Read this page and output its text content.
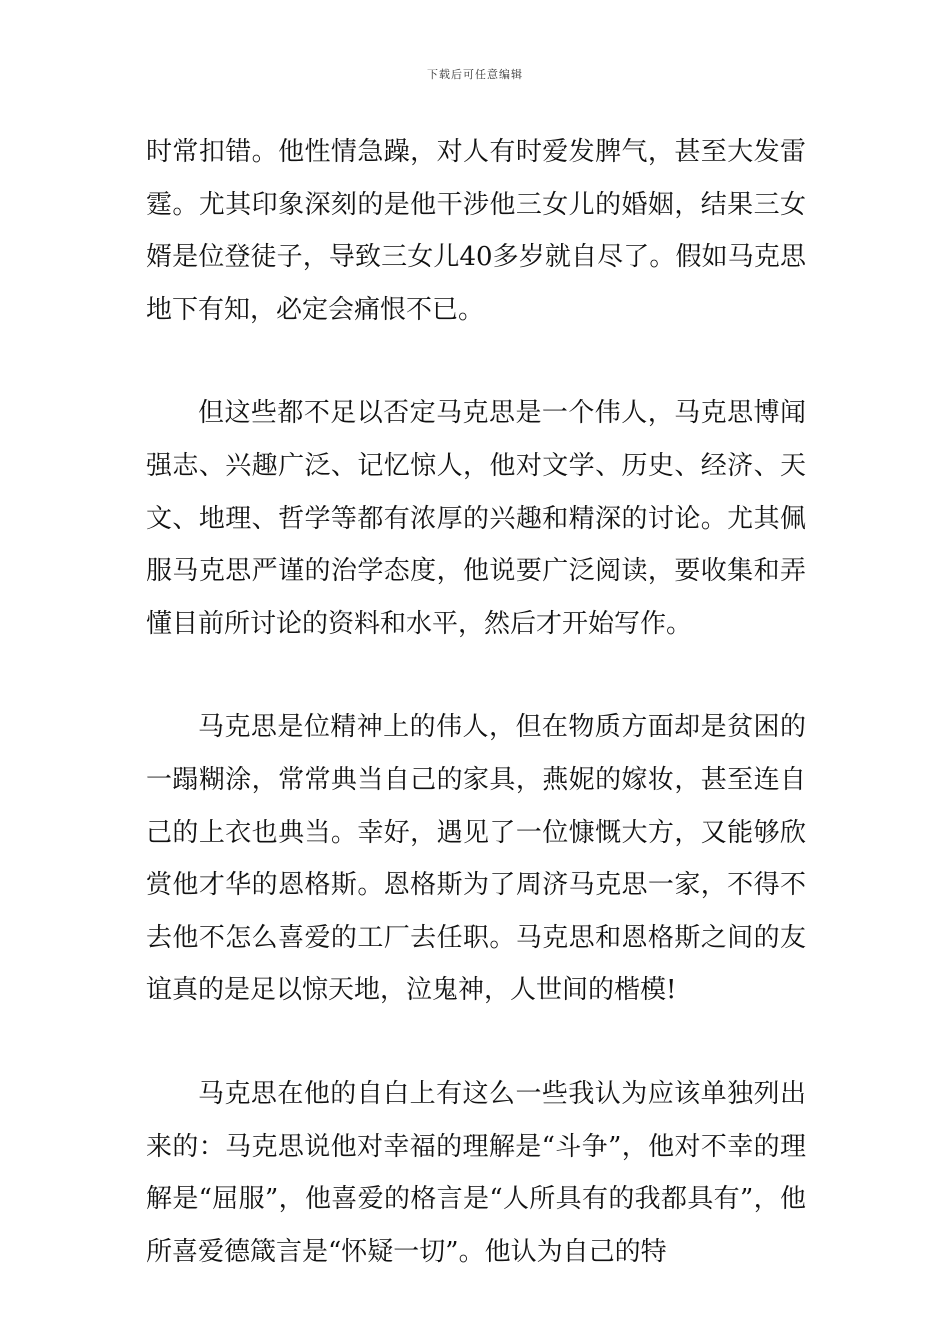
下载后可任意编辑

时常扣错。他性情急躁，对人有时爱发脾气，甚至大发雷霆。尤其印象深刻的是他干涉他三女儿的婚姻，结果三女婿是位登徒子，导致三女儿40多岁就自尽了。假如马克思地下有知，必定会痛恨不已。

但这些都不足以否定马克思是一个伟人，马克思博闻强志、兴趣广泛、记忆惊人，他对文学、历史、经济、天文、地理、哲学等都有浓厚的兴趣和精深的讨论。尤其佩服马克思严谨的治学态度，他说要广泛阅读，要收集和弄懂目前所讨论的资料和水平，然后才开始写作。

马克思是位精神上的伟人，但在物质方面却是贫困的一蹋糊涂，常常典当自己的家具，燕妮的嫁妆，甚至连自己的上衣也典当。幸好，遇见了一位慷慨大方，又能够欣赏他才华的恩格斯。恩格斯为了周济马克思一家，不得不去他不怎么喜爱的工厂去任职。马克思和恩格斯之间的友谊真的是足以惊天地，泣鬼神，人世间的楷模!

马克思在他的自白上有这么一些我认为应该单独列出来的：马克思说他对幸福的理解是“斗争”，他对不幸的理解是“屈服”，他喜爱的格言是“人所具有的我都具有”，他所喜爱德箴言是“怀疑一切”。他认为自己的特
